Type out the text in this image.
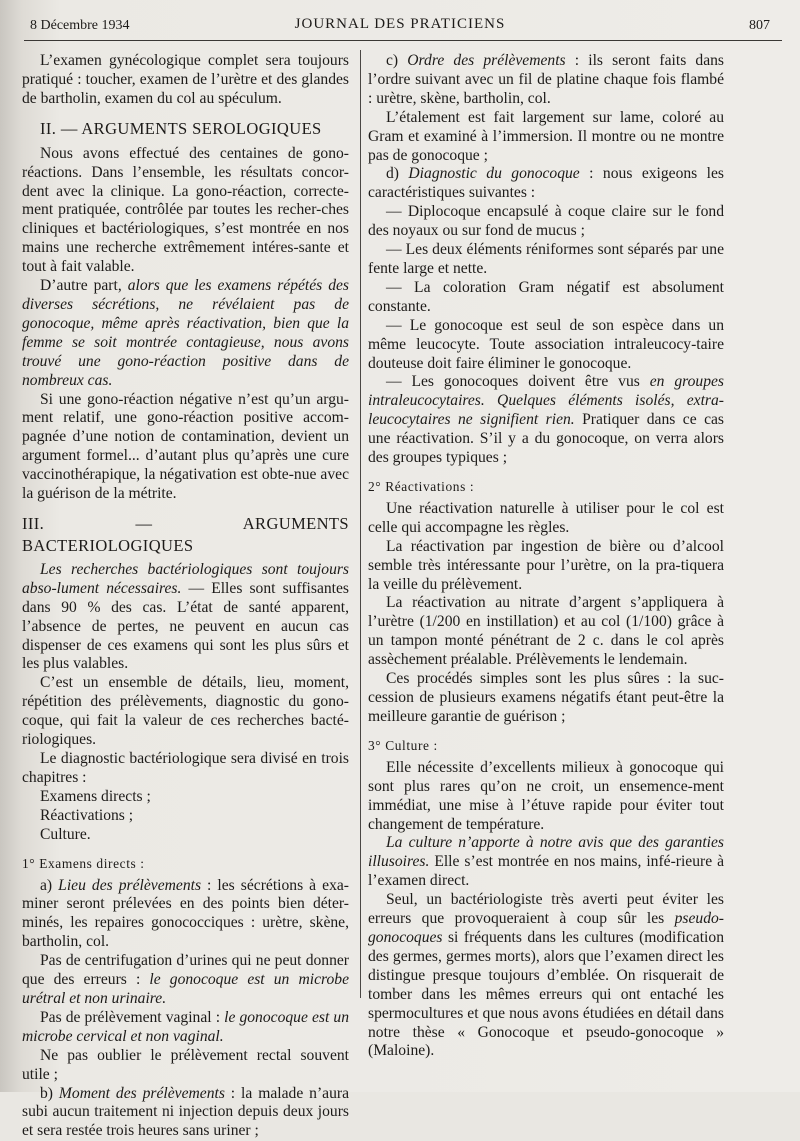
8 Décembre 1934	JOURNAL DES PRATICIENS	807

L’examen gynécologique complet sera toujours pratiqué : toucher, examen de l’urètre et des glandes de bartholin, examen du col au spéculum.

II. — ARGUMENTS SEROLOGIQUES

Nous avons effectué des centaines de gono-réactions. Dans l’ensemble, les résultats concor-dent avec la clinique. La gono-réaction, correcte-ment pratiquée, contrôlée par toutes les recher-ches cliniques et bactériologiques, s’est montrée en nos mains une recherche extrêmement intéres-sante et tout à fait valable.

D’autre part, alors que les examens répétés des diverses sécrétions, ne révélaient pas de gonocoque, même après réactivation, bien que la femme se soit montrée contagieuse, nous avons trouvé une gono-réaction positive dans de nombreux cas.

Si une gono-réaction négative n’est qu’un argu-ment relatif, une gono-réaction positive accom-pagnée d’une notion de contamination, devient un argument formel... d’autant plus qu’après une cure vaccinothérapique, la négativation est obte-nue avec la guérison de la métrite.

III. — ARGUMENTS BACTERIOLOGIQUES

Les recherches bactériologiques sont toujours abso-lument nécessaires. — Elles sont suffisantes dans 90 % des cas. L’état de santé apparent, l’absence de pertes, ne peuvent en aucun cas dispenser de ces examens qui sont les plus sûrs et les plus valables.

C’est un ensemble de détails, lieu, moment, répétition des prélèvements, diagnostic du gono-coque, qui fait la valeur de ces recherches bacté-riologiques.

Le diagnostic bactériologique sera divisé en trois chapitres :

Examens directs ;

Réactivations ;

Culture.

1° Examens directs :

a) Lieu des prélèvements : les sécrétions à exa-miner seront prélevées en des points bien déter-minés, les repaires gonococciques : urètre, skène, bartholin, col.

Pas de centrifugation d’urines qui ne peut donner que des erreurs : le gonocoque est un microbe urétral et non urinaire.

Pas de prélèvement vaginal : le gonocoque est un microbe cervical et non vaginal.

Ne pas oublier le prélèvement rectal souvent utile ;

b) Moment des prélèvements : la malade n’aura subi aucun traitement ni injection depuis deux jours et sera restée trois heures sans uriner ;

c) Ordre des prélèvements : ils seront faits dans l’ordre suivant avec un fil de platine chaque fois flambé : urètre, skène, bartholin, col.

L’étalement est fait largement sur lame, coloré au Gram et examiné à l’immersion. Il montre ou ne montre pas de gonocoque ;

d) Diagnostic du gonocoque : nous exigeons les caractéristiques suivantes :

— Diplocoque encapsulé à coque claire sur le fond des noyaux ou sur fond de mucus ;

— Les deux éléments réniformes sont séparés par une fente large et nette.

— La coloration Gram négatif est absolument constante.

— Le gonocoque est seul de son espèce dans un même leucocyte. Toute association intraleucocy-taire douteuse doit faire éliminer le gonocoque.

— Les gonocoques doivent être vus en groupes intraleucocytaires. Quelques éléments isolés, extra-leucocytaires ne signifient rien. Pratiquer dans ce cas une réactivation. S’il y a du gonocoque, on verra alors des groupes typiques ;

2° Réactivations :

Une réactivation naturelle à utiliser pour le col est celle qui accompagne les règles.

La réactivation par ingestion de bière ou d’alcool semble très intéressante pour l’urètre, on la pra-tiquera la veille du prélèvement.

La réactivation au nitrate d’argent s’appliquera à l’urètre (1/200 en instillation) et au col (1/100) grâce à un tampon monté pénétrant de 2 c. dans le col après assèchement préalable. Prélèvements le lendemain.

Ces procédés simples sont les plus sûres : la suc-cession de plusieurs examens négatifs étant peut-être la meilleure garantie de guérison ;

3° Culture :

Elle nécessite d’excellents milieux à gonocoque qui sont plus rares qu’on ne croit, un ensemence-ment immédiat, une mise à l’étuve rapide pour éviter tout changement de température.

La culture n’apporte à notre avis que des garanties illusoires. Elle s’est montrée en nos mains, infé-rieure à l’examen direct.

Seul, un bactériologiste très averti peut éviter les erreurs que provoqueraient à coup sûr les pseudo-gonocoques si fréquents dans les cultures (modification des germes, germes morts), alors que l’examen direct les distingue presque toujours d’emblée. On risquerait de tomber dans les mêmes erreurs qui ont entaché les spermocultures et que nous avons étudiées en détail dans notre thèse « Gonocoque et pseudo-gonocoque » (Maloine).
